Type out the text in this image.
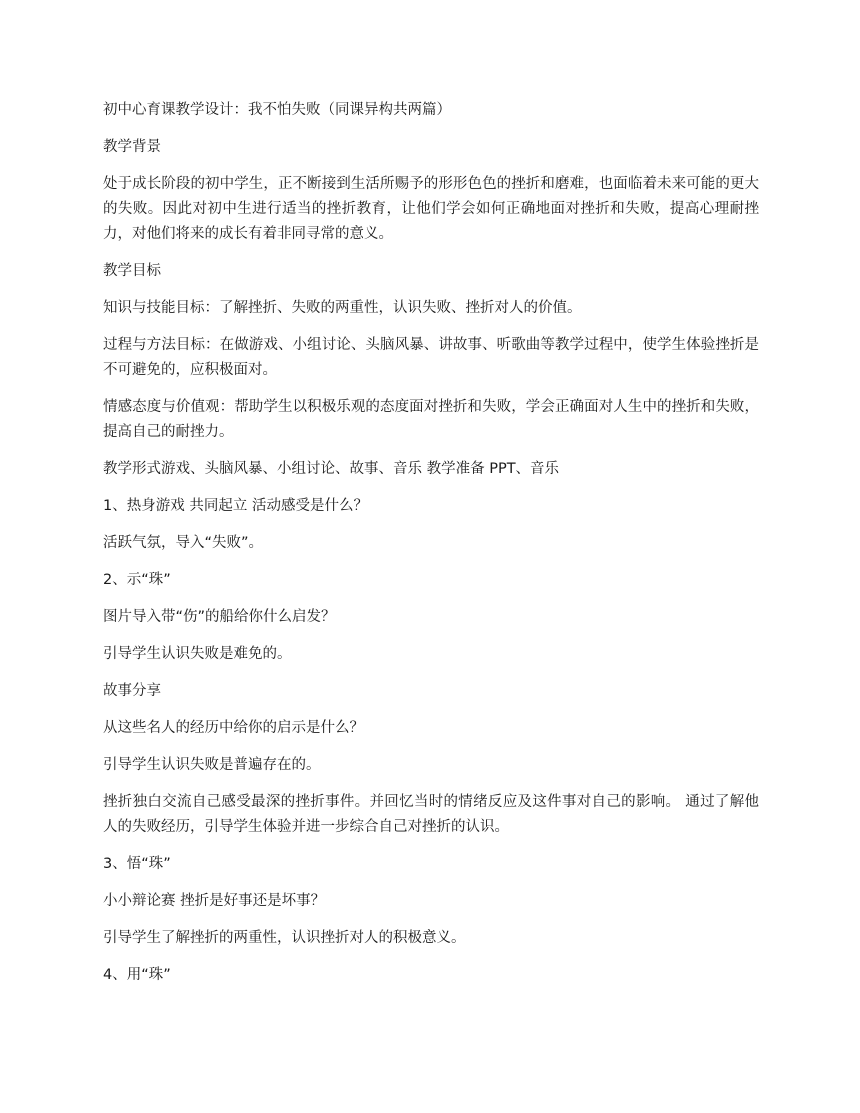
初中心育课教学设计：我不怕失败（同课异构共两篇）

教学背景

处于成长阶段的初中学生，正不断接到生活所赐予的形形色色的挫折和磨难，也面临着未来可能的更大的失败。因此对初中生进行适当的挫折教育，让他们学会如何正确地面对挫折和失败，提高心理耐挫力，对他们将来的成长有着非同寻常的意义。

教学目标

知识与技能目标：了解挫折、失败的两重性，认识失败、挫折对人的价值。

过程与方法目标：在做游戏、小组讨论、头脑风暴、讲故事、听歌曲等教学过程中，使学生体验挫折是不可避免的，应积极面对。

情感态度与价值观：帮助学生以积极乐观的态度面对挫折和失败，学会正确面对人生中的挫折和失败，提高自己的耐挫力。

教学形式游戏、头脑风暴、小组讨论、故事、音乐 教学准备 PPT、音乐

1、热身游戏 共同起立 活动感受是什么？

活跃气氛，导入“失败”。

2、示“珠”

图片导入带“伤”的船给你什么启发？

引导学生认识失败是难免的。

故事分享

从这些名人的经历中给你的启示是什么？

引导学生认识失败是普遍存在的。

挫折独白交流自己感受最深的挫折事件。并回忆当时的情绪反应及这件事对自己的影响。 通过了解他人的失败经历，引导学生体验并进一步综合自己对挫折的认识。

3、悟“珠”

小小辩论赛 挫折是好事还是坏事？

引导学生了解挫折的两重性，认识挫折对人的积极意义。

4、用“珠”
